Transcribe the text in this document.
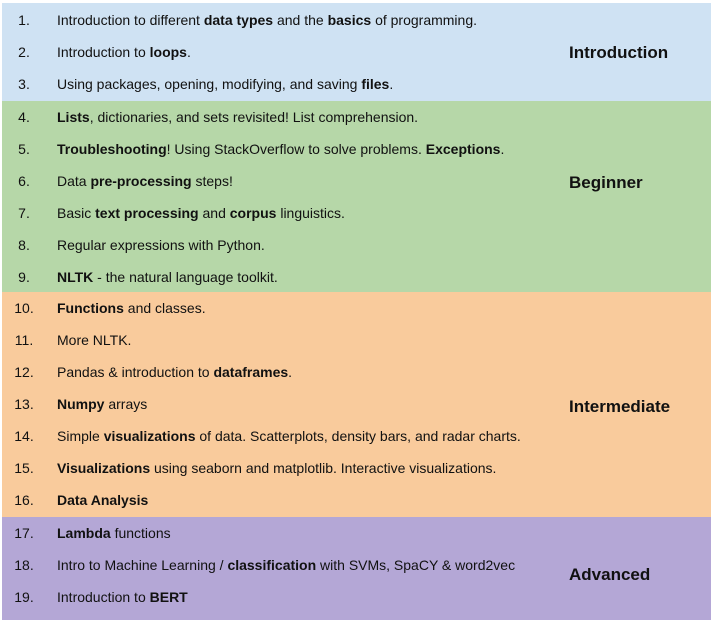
1.	Introduction to different data types and the basics of programming.
2.	Introduction to loops.
3.	Using packages, opening, modifying, and saving files.
Introduction
4.	Lists, dictionaries, and sets revisited! List comprehension.
5.	Troubleshooting! Using StackOverflow to solve problems. Exceptions.
6.	Data pre-processing steps!
7.	Basic text processing and corpus linguistics.
8.	Regular expressions with Python.
9.	NLTK - the natural language toolkit.
Beginner
10.	Functions and classes.
11.	More NLTK.
12.	Pandas & introduction to dataframes.
13.	Numpy arrays
14.	Simple visualizations of data. Scatterplots, density bars, and radar charts.
15.	Visualizations using seaborn and matplotlib. Interactive visualizations.
16.	Data Analysis
Intermediate
17.	Lambda functions
18.	Intro to Machine Learning / classification with SVMs, SpaCY & word2vec
19.	Introduction to BERT
Advanced
